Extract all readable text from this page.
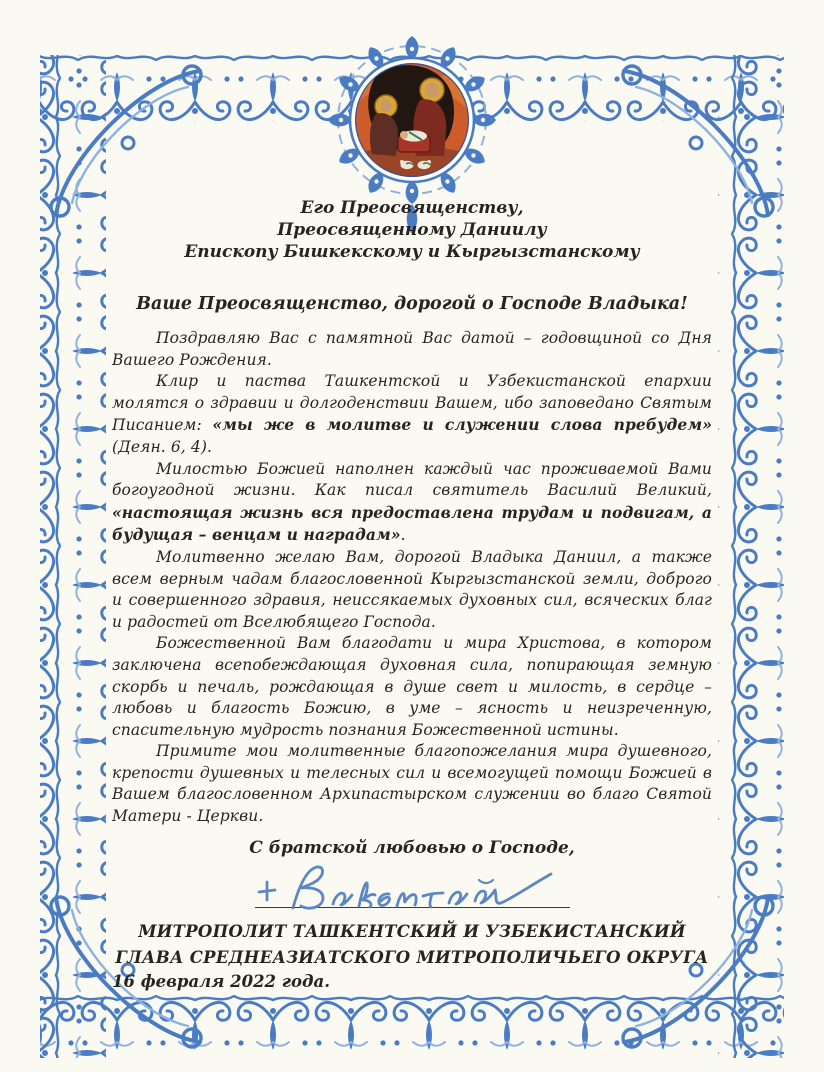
Его Преосвященству,
Преосвященному Даниилу
Епископу Бишкекскому и Кыргызстанскому
Ваше Преосвященство, дорогой о Господе Владыка!

Поздравляю Вас с памятной Вас датой – годовщиной со Дня Вашего Рождения.

Клир и паства Ташкентской и Узбекистанской епархии молятся о здравии и долгоденствии Вашем, ибо заповедано Святым Писанием: «мы же в молитве и служении слова пребудем» (Деян. 6, 4).

Милостью Божией наполнен каждый час проживаемой Вами богоугодной жизни. Как писал святитель Василий Великий, «настоящая жизнь вся предоставлена трудам и подвигам, а будущая – венцам и наградам».

Молитвенно желаю Вам, дорогой Владыка Даниил, а также всем верным чадам благословенной Кыргызстанской земли, доброго и совершенного здравия, неиссякаемых духовных сил, всяческих благ и радостей от Вселюбящего Господа.

Божественной Вам благодати и мира Христова, в котором заключена всепобеждающая духовная сила, попирающая земную скорбь и печаль, рождающая в душе свет и милость, в сердце – любовь и благость Божию, в уме – ясность и неизреченную, спасительную мудрость познания Божественной истины.

Примите мои молитвенные благопожелания мира душевного, крепости душевных и телесных сил и всемогущей помощи Божией в Вашем благословенном Архипастырском служении во благо Святой Матери - Церкви.

С братской любовью о Господе,
МИТРОПОЛИТ ТАШКЕНТСКИЙ И УЗБЕКИСТАНСКИЙ
ГЛАВА СРЕДНЕАЗИАТСКОГО МИТРОПОЛИЧЬЕГО ОКРУГА
16 февраля 2022 года.
